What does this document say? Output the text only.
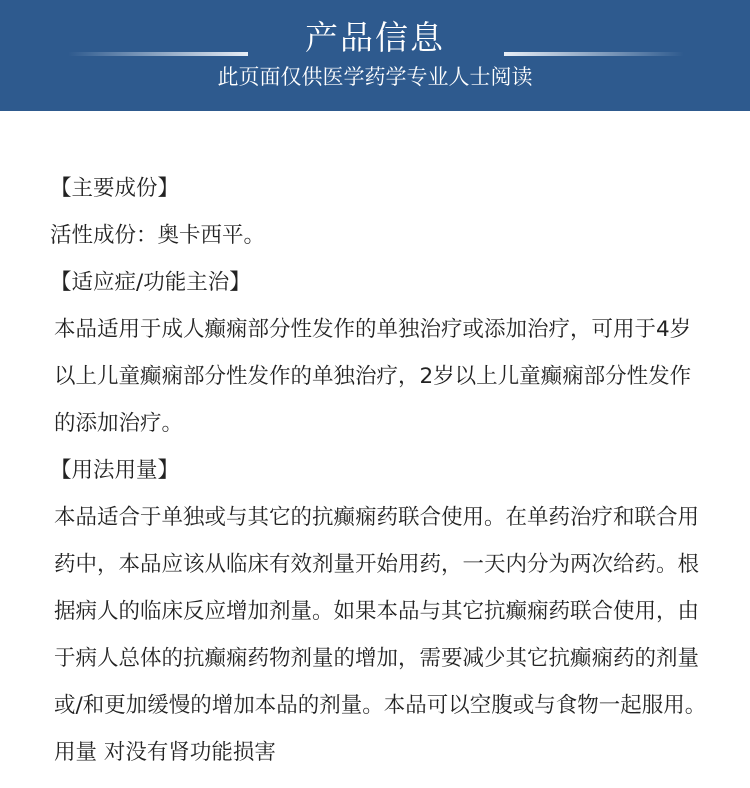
产品信息
此页面仅供医学药学专业人士阅读

【主要成份】

活性成份：奥卡西平。

【适应症/功能主治】

本品适用于成人癫痫部分性发作的单独治疗或添加治疗，可用于4岁以上儿童癫痫部分性发作的单独治疗，2岁以上儿童癫痫部分性发作的添加治疗。

【用法用量】

本品适合于单独或与其它的抗癫痫药联合使用。在单药治疗和联合用药中，本品应该从临床有效剂量开始用药，一天内分为两次给药。根据病人的临床反应增加剂量。如果本品与其它抗癫痫药联合使用，由于病人总体的抗癫痫药物剂量的增加，需要减少其它抗癫痫药的剂量或/和更加缓慢的增加本品的剂量。本品可以空腹或与食物一起服用。 用量 对没有肾功能损害
